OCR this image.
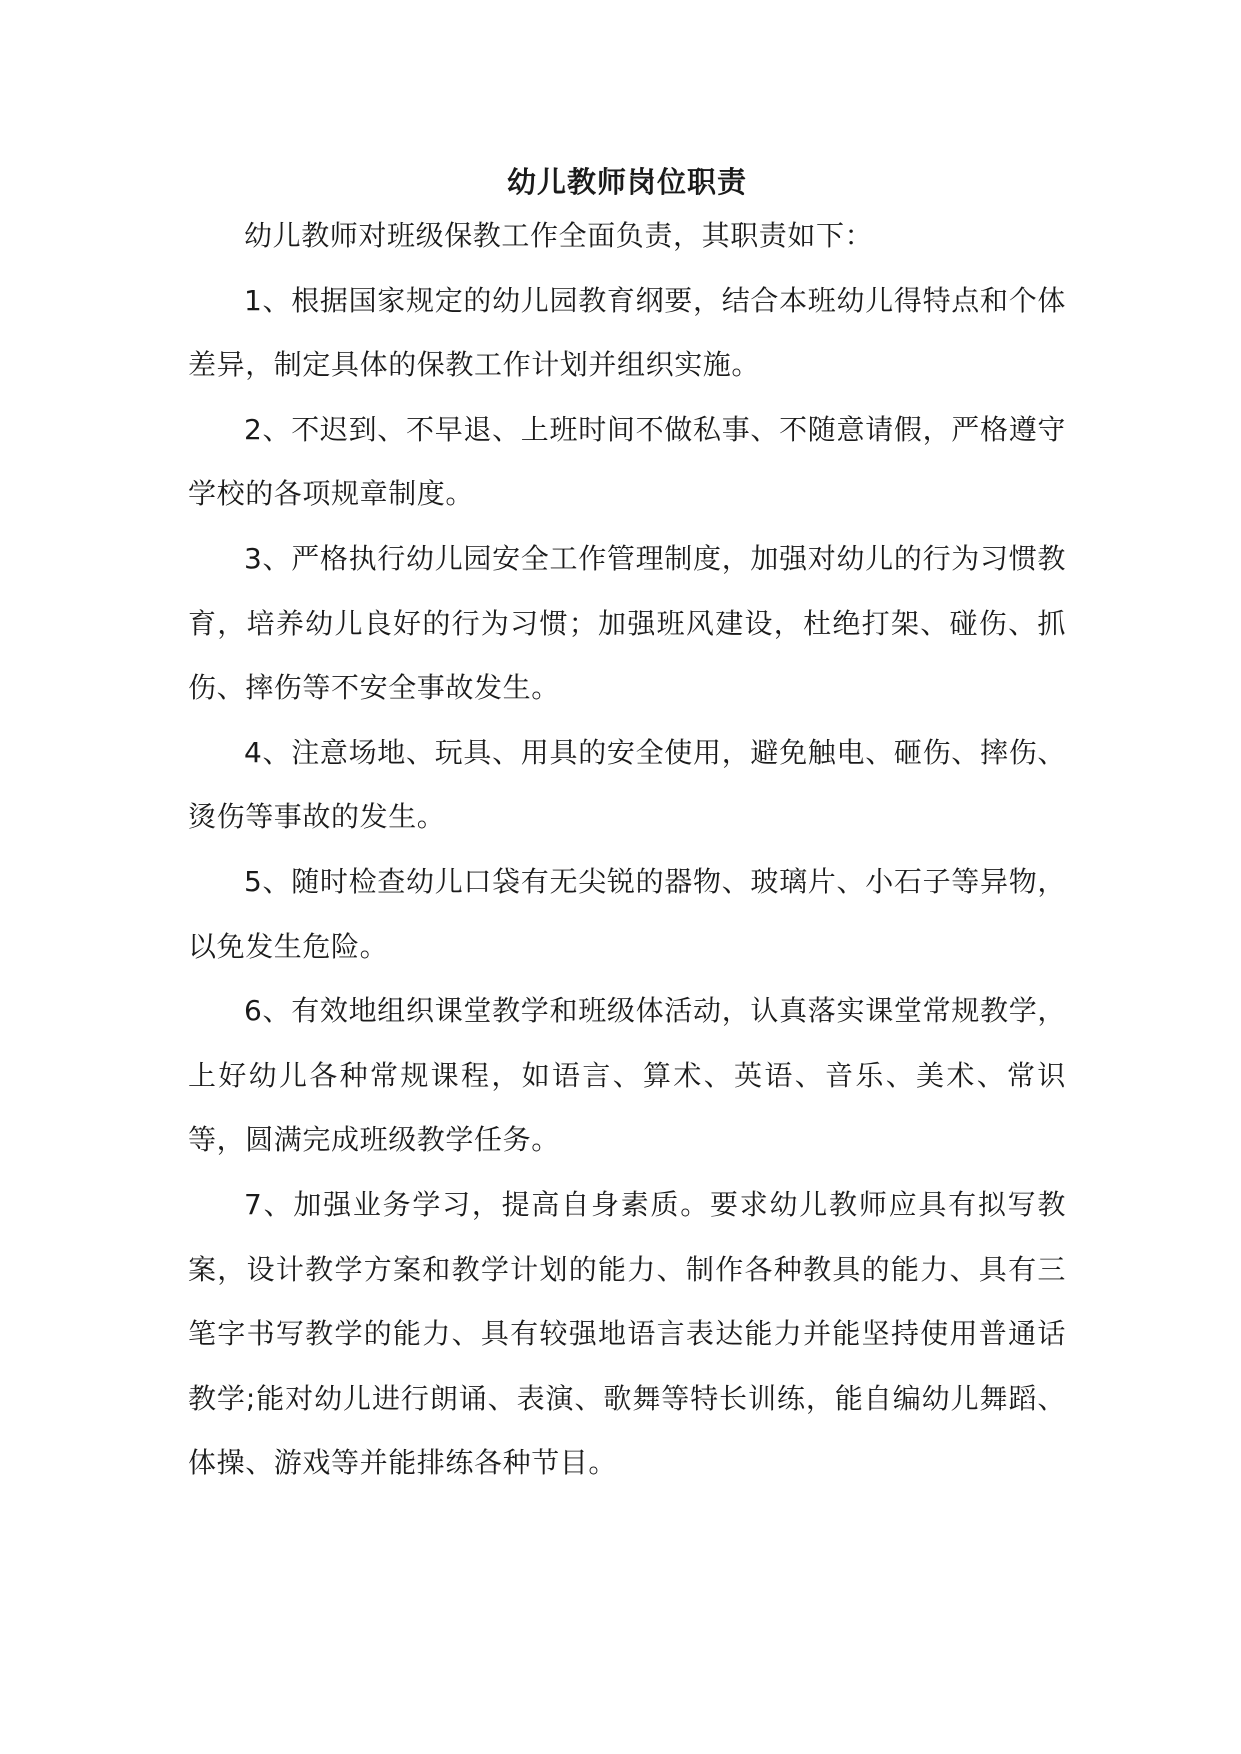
幼儿教师岗位职责

幼儿教师对班级保教工作全面负责，其职责如下：

1、根据国家规定的幼儿园教育纲要，结合本班幼儿得特点和个体差异，制定具体的保教工作计划并组织实施。

2、不迟到、不早退、上班时间不做私事、不随意请假，严格遵守学校的各项规章制度。

3、严格执行幼儿园安全工作管理制度，加强对幼儿的行为习惯教育，培养幼儿良好的行为习惯；加强班风建设，杜绝打架、碰伤、抓伤、摔伤等不安全事故发生。

4、注意场地、玩具、用具的安全使用，避免触电、砸伤、摔伤、烫伤等事故的发生。

5、随时检查幼儿口袋有无尖锐的器物、玻璃片、小石子等异物，以免发生危险。

6、有效地组织课堂教学和班级体活动，认真落实课堂常规教学，上好幼儿各种常规课程，如语言、算术、英语、音乐、美术、常识等，圆满完成班级教学任务。

7、加强业务学习，提高自身素质。要求幼儿教师应具有拟写教案，设计教学方案和教学计划的能力、制作各种教具的能力、具有三笔字书写教学的能力、具有较强地语言表达能力并能坚持使用普通话教学;能对幼儿进行朗诵、表演、歌舞等特长训练，能自编幼儿舞蹈、体操、游戏等并能排练各种节目。
